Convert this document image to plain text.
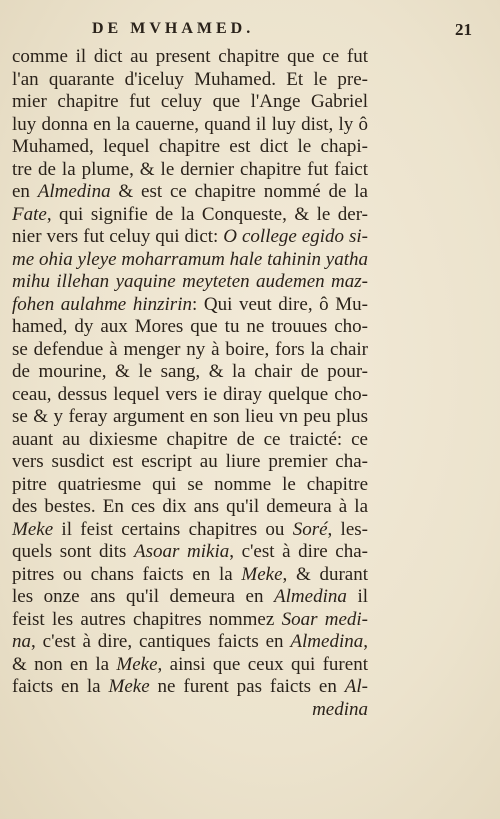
DE MVHAMED.	21
comme il dict au present chapitre que ce fut
l'an quarante d'iceluy Muhamed. Et le pre-
mier chapitre fut celuy que l'Ange Gabriel
luy donna en la cauerne, quand il luy dist, ly ô
Muhamed, lequel chapitre est dict le chapi-
tre de la plume, & le dernier chapitre fut faict
en Almedina & est ce chapitre nommé de la
Fate, qui signifie de la Conqueste, & le der-
nier vers fut celuy qui dict: O college egido si-
me ohia yleye moharramum hale tahinin yatha
mihu illehan yaquine meyteten audemen maz-
fohen aulahme hinzirin: Qui veut dire, ô Mu-
hamed, dy aux Mores que tu ne trouues cho-
se defendue à menger ny à boire, fors la chair
de mourine, & le sang, & la chair de pour-
ceau, dessus lequel vers ie diray quelque cho-
se & y feray argument en son lieu vn peu plus
auant au dixiesme chapitre de ce traicté: ce
vers susdict est escript au liure premier cha-
pitre quatriesme qui se nomme le chapitre
des bestes. En ces dix ans qu'il demeura à la
Meke il feist certains chapitres ou Soré, les-
quels sont dits Asoar mikia, c'est à dire cha-
pitres ou chans faicts en la Meke, & durant
les onze ans qu'il demeura en Almedina il
feist les autres chapitres nommez Soar medi-
na, c'est à dire, cantiques faicts en Almedina,
& non en la Meke, ainsi que ceux qui furent
faicts en la Meke ne furent pas faicts en Al-
medina
